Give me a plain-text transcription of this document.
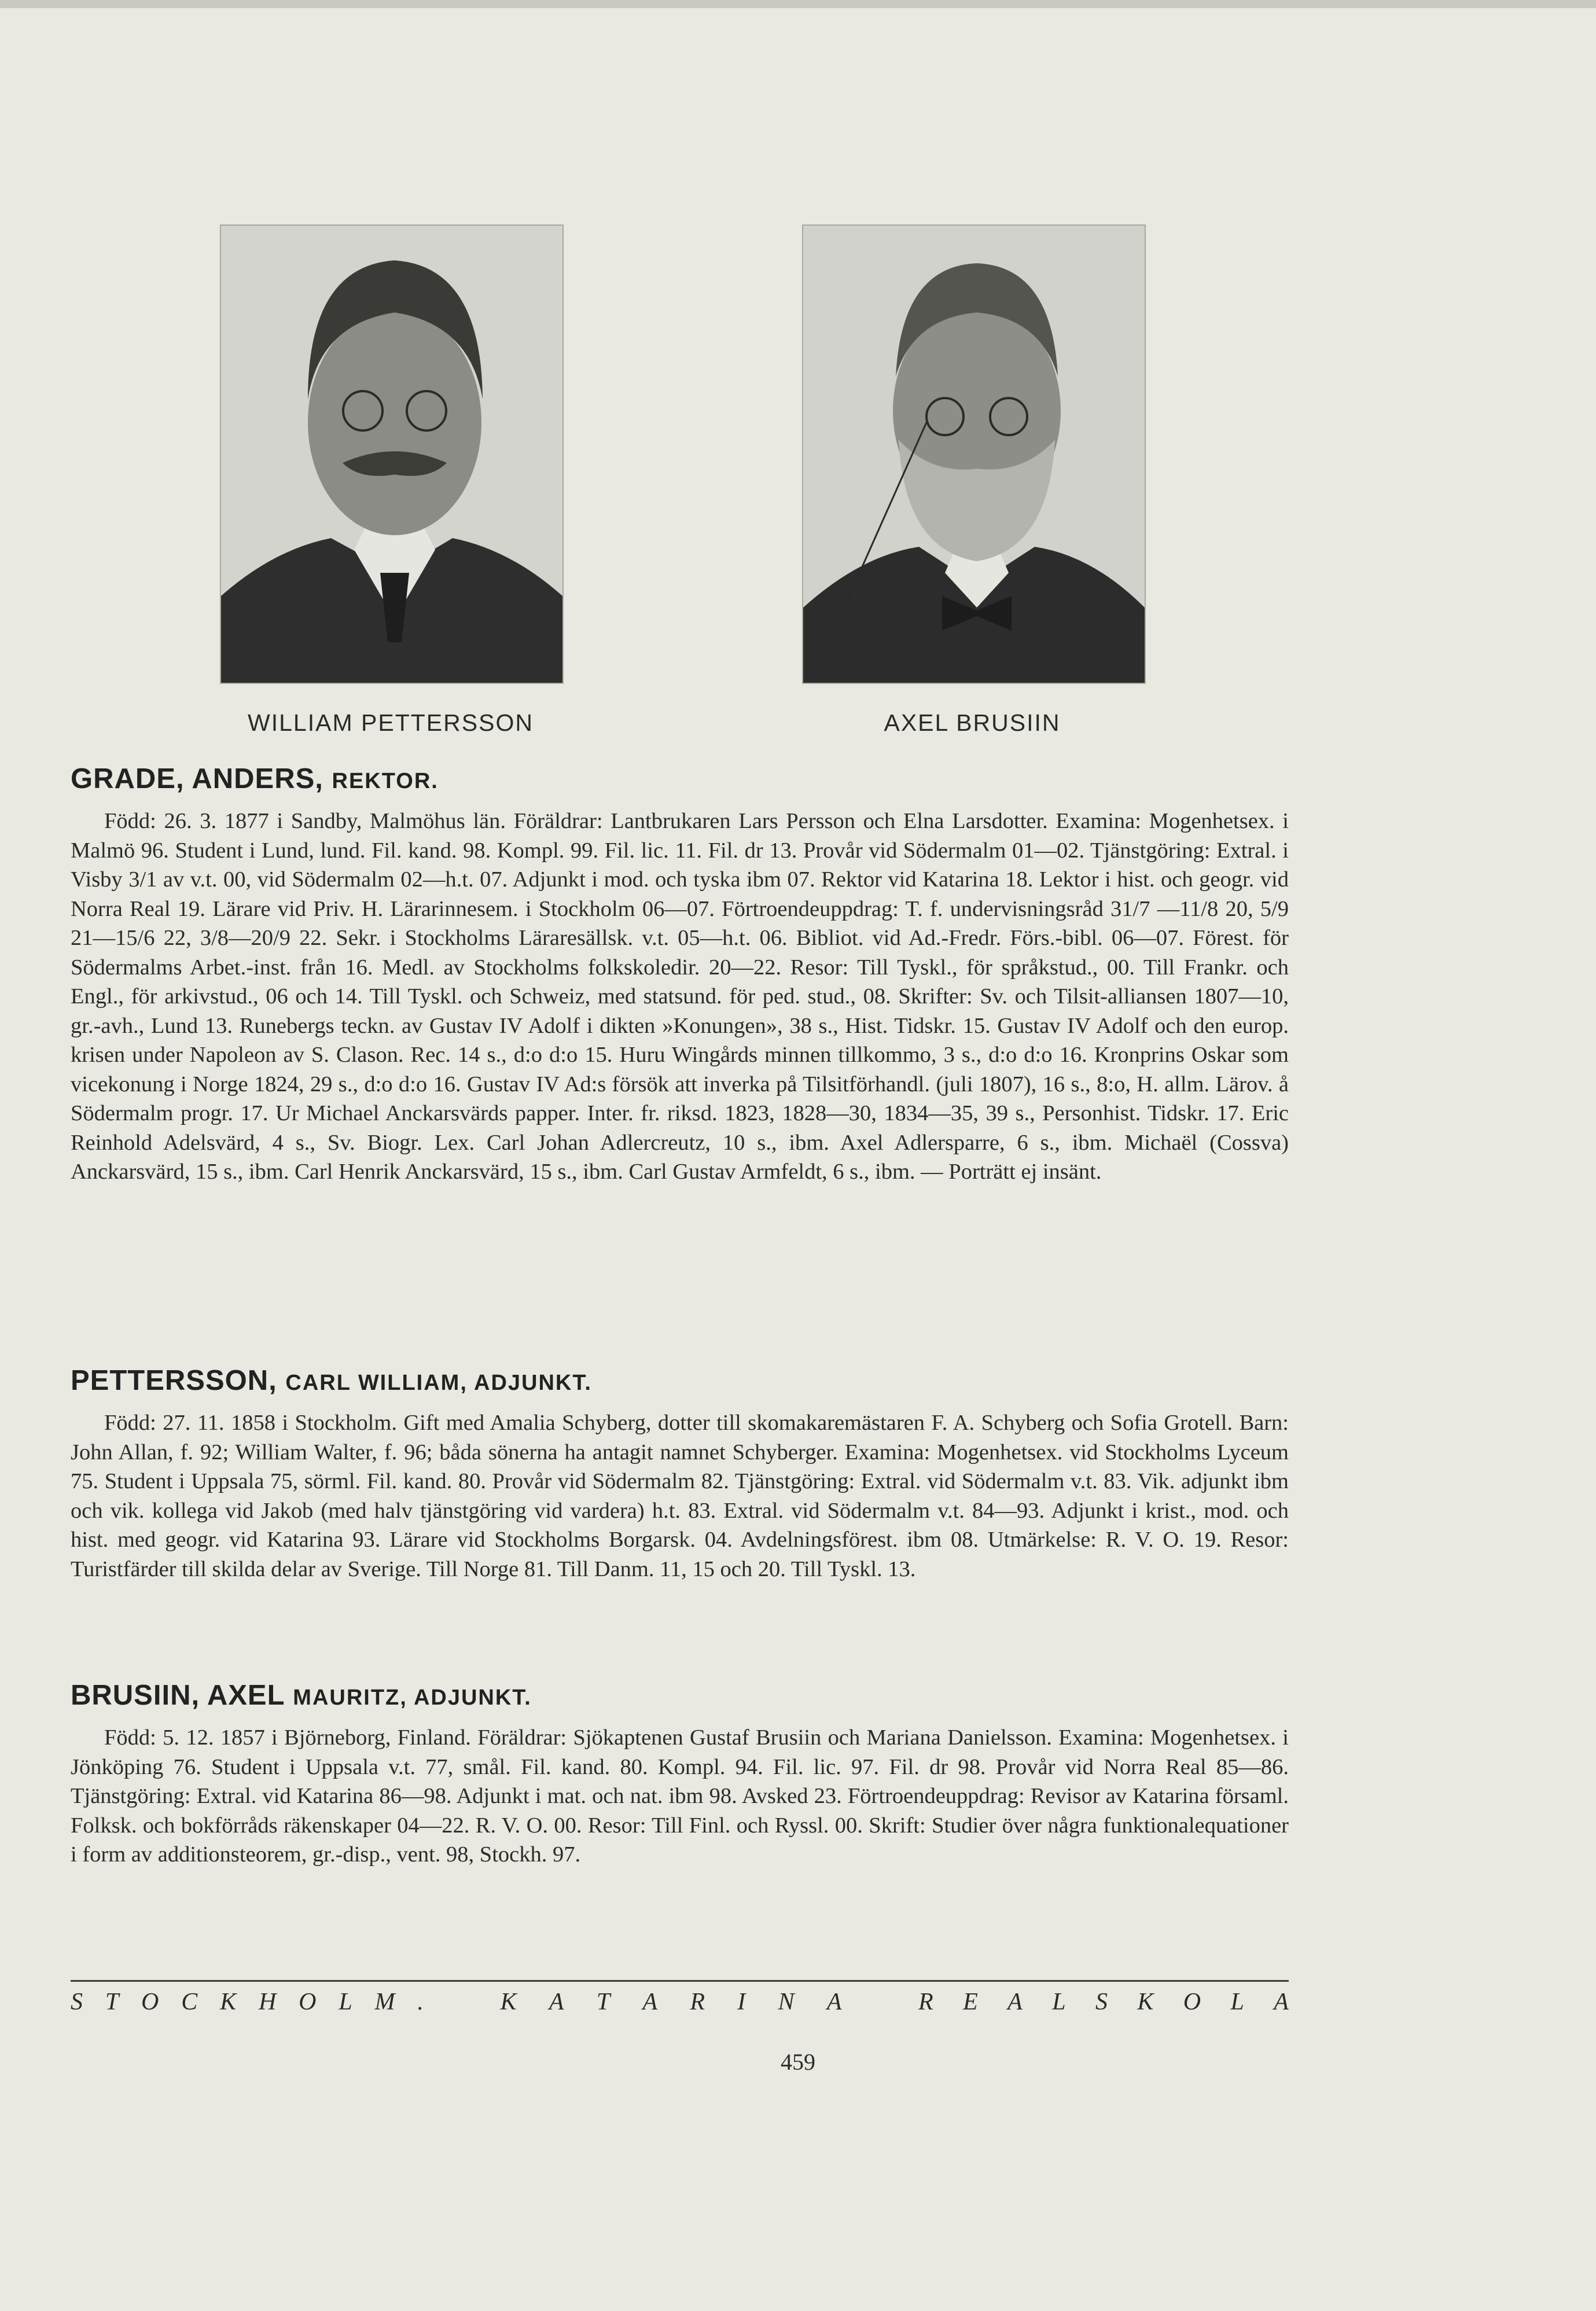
WILLIAM PETTERSSON	AXEL BRUSIIN
GRADE, ANDERS, REKTOR.

Född: 26. 3. 1877 i Sandby, Malmöhus län. Föräldrar: Lantbrukaren Lars Persson och Elna Larsdotter. Examina: Mogenhetsex. i Malmö 96. Student i Lund, lund. Fil. kand. 98. Kompl. 99. Fil. lic. 11. Fil. dr 13. Provår vid Södermalm 01—02. Tjänstgöring: Extral. i Visby 3/1 av v.t. 00, vid Södermalm 02—h.t. 07. Adjunkt i mod. och tyska ibm 07. Rektor vid Katarina 18. Lektor i hist. och geogr. vid Norra Real 19. Lärare vid Priv. H. Lärarinnesem. i Stockholm 06—07. Förtroendeuppdrag: T. f. undervisningsråd 31/7 —11/8 20, 5/9 21—15/6 22, 3/8—20/9 22. Sekr. i Stockholms Läraresällsk. v.t. 05—h.t. 06. Bibliot. vid Ad.-Fredr. Förs.-bibl. 06—07. Förest. för Södermalms Arbet.-inst. från 16. Medl. av Stockholms folkskoledir. 20—22. Resor: Till Tyskl., för språkstud., 00. Till Frankr. och Engl., för arkivstud., 06 och 14. Till Tyskl. och Schweiz, med statsund. för ped. stud., 08. Skrifter: Sv. och Tilsit-alliansen 1807—10, gr.-avh., Lund 13. Runebergs teckn. av Gustav IV Adolf i dikten »Konungen», 38 s., Hist. Tidskr. 15. Gustav IV Adolf och den europ. krisen under Napoleon av S. Clason. Rec. 14 s., d:o d:o 15. Huru Wingårds minnen tillkommo, 3 s., d:o d:o 16. Kronprins Oskar som vicekonung i Norge 1824, 29 s., d:o d:o 16. Gustav IV Ad:s försök att inverka på Tilsitförhandl. (juli 1807), 16 s., 8:o, H. allm. Lärov. å Södermalm progr. 17. Ur Michael Anckarsvärds papper. Inter. fr. riksd. 1823, 1828—30, 1834—35, 39 s., Personhist. Tidskr. 17. Eric Reinhold Adelsvärd, 4 s., Sv. Biogr. Lex. Carl Johan Adlercreutz, 10 s., ibm. Axel Adlersparre, 6 s., ibm. Michaël (Cossva) Anckarsvärd, 15 s., ibm. Carl Henrik Anckarsvärd, 15 s., ibm. Carl Gustav Armfeldt, 6 s., ibm. — Porträtt ej insänt.

PETTERSSON, CARL WILLIAM, ADJUNKT.

Född: 27. 11. 1858 i Stockholm. Gift med Amalia Schyberg, dotter till skomakaremästaren F. A. Schyberg och Sofia Grotell. Barn: John Allan, f. 92; William Walter, f. 96; båda sönerna ha antagit namnet Schyberger. Examina: Mogenhetsex. vid Stockholms Lyceum 75. Student i Uppsala 75, sörml. Fil. kand. 80. Provår vid Södermalm 82. Tjänstgöring: Extral. vid Södermalm v.t. 83. Vik. adjunkt ibm och vik. kollega vid Jakob (med halv tjänstgöring vid vardera) h.t. 83. Extral. vid Södermalm v.t. 84—93. Adjunkt i krist., mod. och hist. med geogr. vid Katarina 93. Lärare vid Stockholms Borgarsk. 04. Avdelningsförest. ibm 08. Utmärkelse: R. V. O. 19. Resor: Turistfärder till skilda delar av Sverige. Till Norge 81. Till Danm. 11, 15 och 20. Till Tyskl. 13.

BRUSIIN, AXEL MAURITZ, ADJUNKT.

Född: 5. 12. 1857 i Björneborg, Finland. Föräldrar: Sjökaptenen Gustaf Brusiin och Mariana Danielsson. Examina: Mogenhetsex. i Jönköping 76. Student i Uppsala v.t. 77, smål. Fil. kand. 80. Kompl. 94. Fil. lic. 97. Fil. dr 98. Provår vid Norra Real 85—86. Tjänstgöring: Extral. vid Katarina 86—98. Adjunkt i mat. och nat. ibm 98. Avsked 23. Förtroendeuppdrag: Revisor av Katarina församl. Folksk. och bokförråds räkenskaper 04—22. R. V. O. 00. Resor: Till Finl. och Ryssl. 00. Skrift: Studier över några funktionalequationer i form av additionsteorem, gr.-disp., vent. 98, Stockh. 97.

S T O C K H O L M .	K A T A R I N A	R E A L S K O L A
459
